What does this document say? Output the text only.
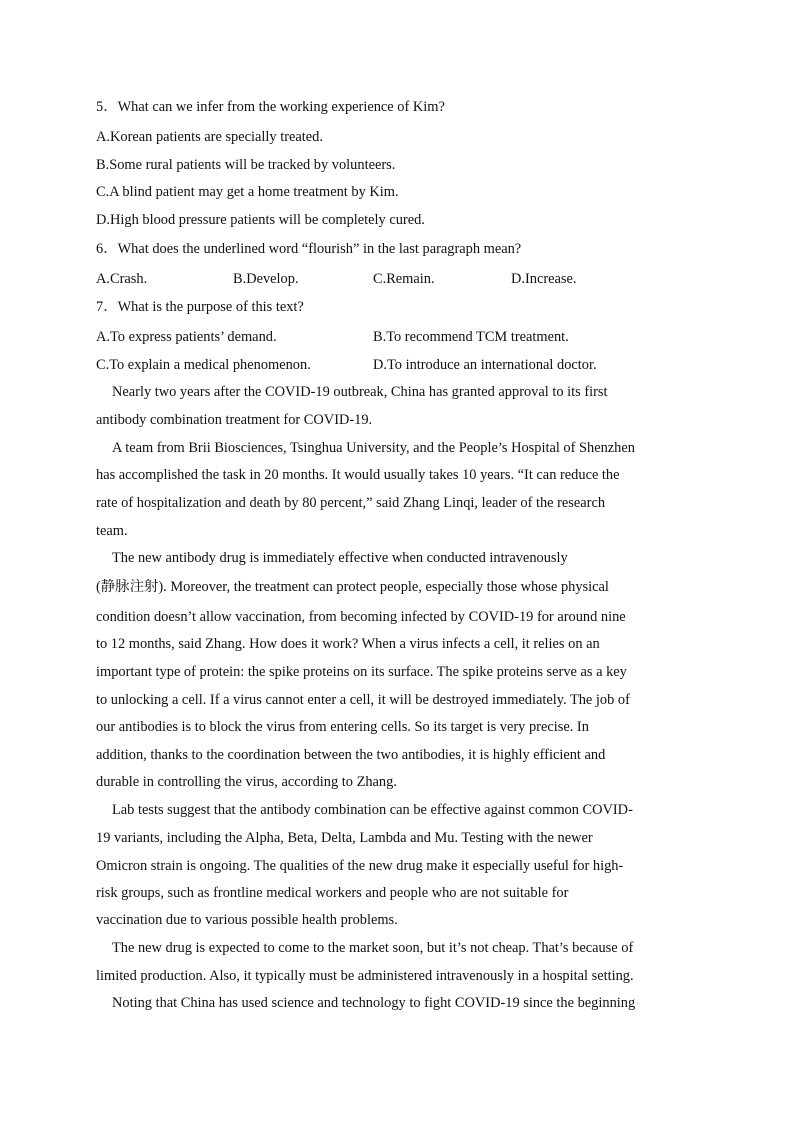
5．What can we infer from the working experience of Kim?
A.Korean patients are specially treated.
B.Some rural patients will be tracked by volunteers.
C.A blind patient may get a home treatment by Kim.
D.High blood pressure patients will be completely cured.
6．What does the underlined word “flourish” in the last paragraph mean?
A.Crash.	B.Develop.	C.Remain.	D.Increase.
7．What is the purpose of this text?
A.To express patients’ demand.	B.To recommend TCM treatment.
C.To explain a medical phenomenon.	D.To introduce an international doctor.
Nearly two years after the COVID-19 outbreak, China has granted approval to its first
antibody combination treatment for COVID-19.
A team from Brii Biosciences, Tsinghua University, and the People’s Hospital of Shenzhen
has accomplished the task in 20 months. It would usually takes 10 years. “It can reduce the
rate of hospitalization and death by 80 percent,” said Zhang Linqi, leader of the research
team.
The new antibody drug is immediately effective when conducted intravenously
(静脉注射). Moreover, the treatment can protect people, especially those whose physical
condition doesn’t allow vaccination, from becoming infected by COVID-19 for around nine
to 12 months, said Zhang. How does it work? When a virus infects a cell, it relies on an
important type of protein: the spike proteins on its surface. The spike proteins serve as a key
to unlocking a cell. If a virus cannot enter a cell, it will be destroyed immediately. The job of
our antibodies is to block the virus from entering cells. So its target is very precise. In
addition, thanks to the coordination between the two antibodies, it is highly efficient and
durable in controlling the virus, according to Zhang.
Lab tests suggest that the antibody combination can be effective against common COVID-
19 variants, including the Alpha, Beta, Delta, Lambda and Mu. Testing with the newer
Omicron strain is ongoing. The qualities of the new drug make it especially useful for high-
risk groups, such as frontline medical workers and people who are not suitable for
vaccination due to various possible health problems.
The new drug is expected to come to the market soon, but it’s not cheap. That’s because of
limited production. Also, it typically must be administered intravenously in a hospital setting.
Noting that China has used science and technology to fight COVID-19 since the beginning
